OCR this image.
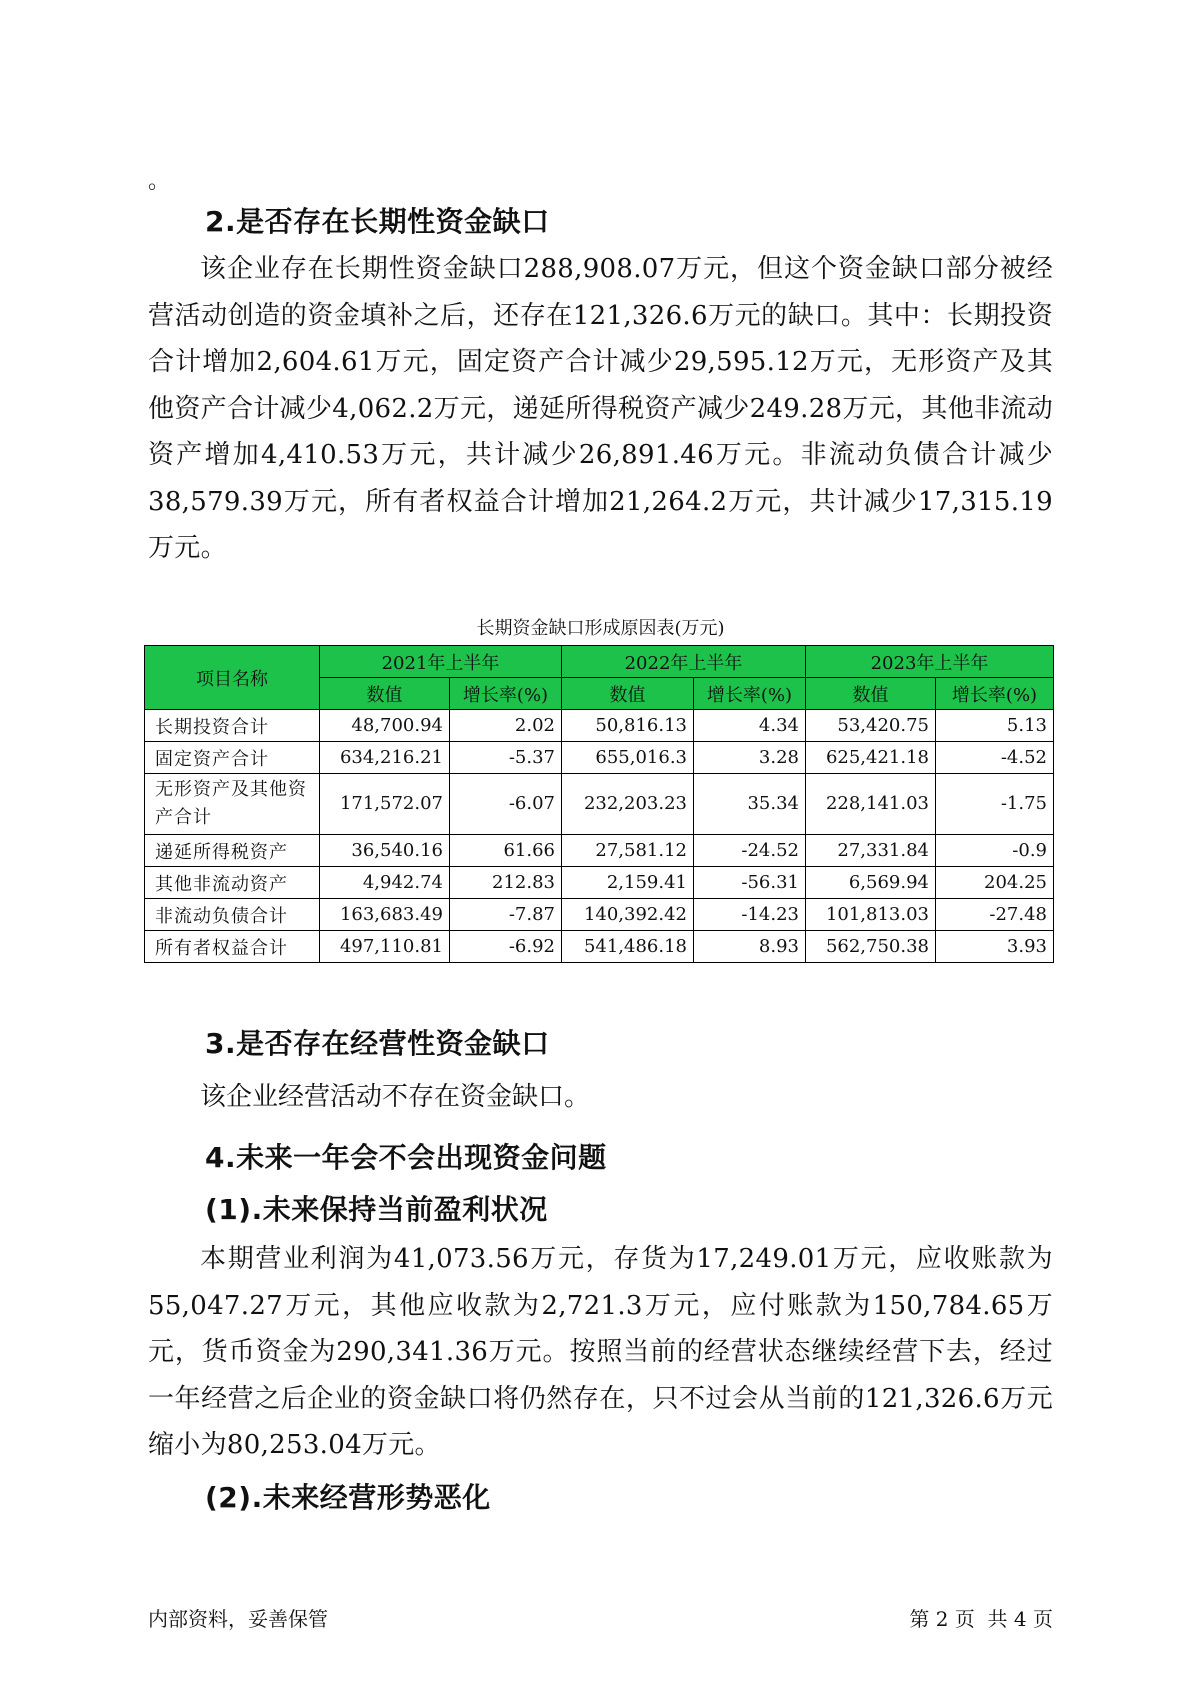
。
2.是否存在长期性资金缺口
该企业存在长期性资金缺口288,908.07万元，但这个资金缺口部分被经营活动创造的资金填补之后，还存在121,326.6万元的缺口。其中：长期投资合计增加2,604.61万元，固定资产合计减少29,595.12万元，无形资产及其他资产合计减少4,062.2万元，递延所得税资产减少249.28万元，其他非流动资产增加4,410.53万元，共计减少26,891.46万元。非流动负债合计减少38,579.39万元，所有者权益合计增加21,264.2万元，共计减少17,315.19万元。
长期资金缺口形成原因表(万元)
项目名称	2021年上半年		2022年上半年		2023年上半年	
	数值	增长率(%)	数值	增长率(%)	数值	增长率(%)
长期投资合计	48,700.94	2.02	50,816.13	4.34	53,420.75	5.13
固定资产合计	634,216.21	-5.37	655,016.3	3.28	625,421.18	-4.52
无形资产及其他资产合计	171,572.07	-6.07	232,203.23	35.34	228,141.03	-1.75
递延所得税资产	36,540.16	61.66	27,581.12	-24.52	27,331.84	-0.9
其他非流动资产	4,942.74	212.83	2,159.41	-56.31	6,569.94	204.25
非流动负债合计	163,683.49	-7.87	140,392.42	-14.23	101,813.03	-27.48
所有者权益合计	497,110.81	-6.92	541,486.18	8.93	562,750.38	3.93
3.是否存在经营性资金缺口
该企业经营活动不存在资金缺口。
4.未来一年会不会出现资金问题
(1).未来保持当前盈利状况
本期营业利润为41,073.56万元，存货为17,249.01万元，应收账款为55,047.27万元，其他应收款为2,721.3万元，应付账款为150,784.65万元，货币资金为290,341.36万元。按照当前的经营状态继续经营下去，经过一年经营之后企业的资金缺口将仍然存在，只不过会从当前的121,326.6万元缩小为80,253.04万元。
(2).未来经营形势恶化
内部资料，妥善保管	第 2 页  共 4 页
